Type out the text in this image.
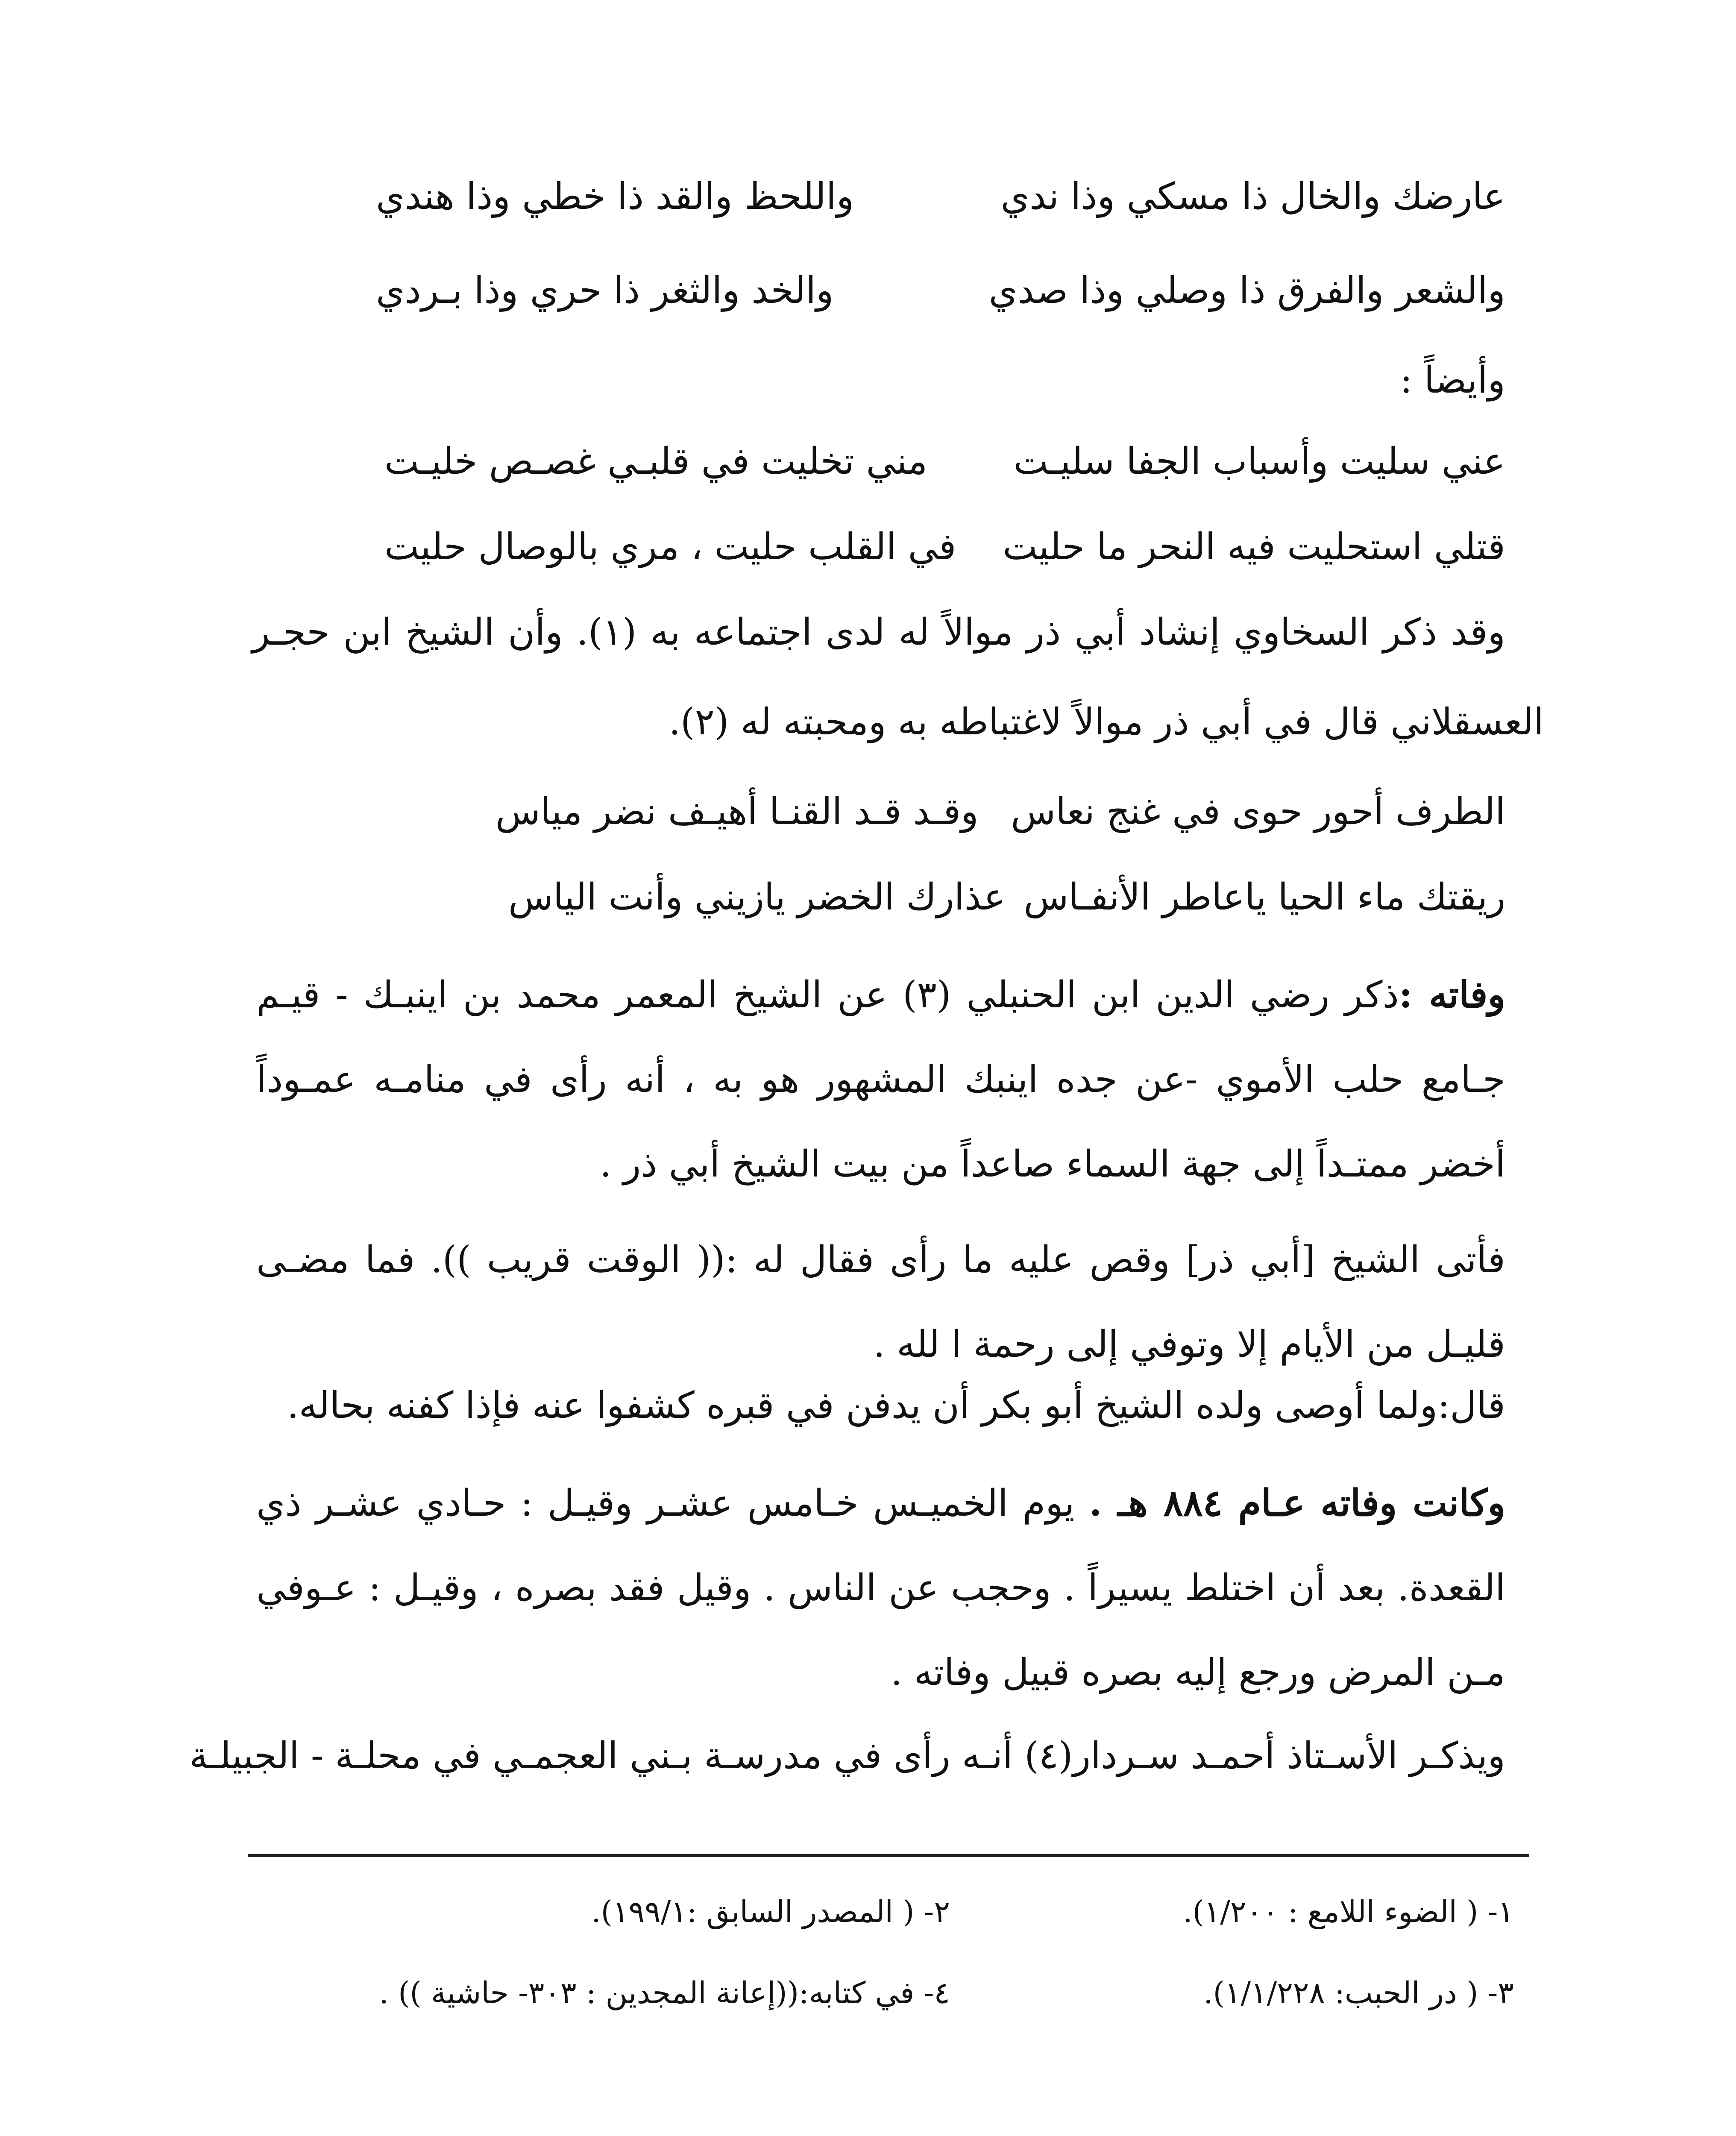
عارضك والخال ذا مسكي وذا ندي
واللحظ والقد ذا خطي وذا هندي
والشعر والفرق ذا وصلي وذا صدي
والخد والثغر ذا حري وذا بـردي
وأيضاً :
عني سليت وأسباب الجفا سليـت
مني تخليت في قلبـي غصـص خليـت
قتلي استحليت فيه النحر ما حليت
في القلب حليت ، مري بالوصال حليت
وقد ذكر السخاوي إنشاد أبي ذر موالاً له لدى اجتماعه به (١). وأن الشيخ ابن حجـر
العسقلاني قال في أبي ذر موالاً لاغتباطه به ومحبته له (٢).
الطرف أحور حوى في غنج نعاس
وقـد قـد القنـا أهيـف نضر مياس
ريقتك ماء الحيا ياعاطر الأنفـاس
عذارك الخضر يازيني وأنت الياس
وفاته :ذكر رضي الدين ابن الحنبلي (٣) عن الشيخ المعمر محمد بن اينبـك - قيـم جـامع حلب الأموي -عن جده اينبك المشهور هو به ، أنه رأى في منامـه عمـوداً أخضر ممتـداً إلى جهة السماء صاعداً من بيت الشيخ أبي ذر .
فأتى الشيخ [أبي ذر] وقص عليه ما رأى فقال له :(( الوقت قريب )). فما مضـى قليـل من الأيام إلا وتوفي إلى رحمة ا لله .
قال:ولما أوصى ولده الشيخ أبو بكر أن يدفن في قبره كشفوا عنه فإذا كفنه بحاله.
وكانت وفاته عـام ٨٨٤ هـ . يوم الخميـس خـامس عشـر وقيـل : حـادي عشـر ذي القعدة. بعد أن اختلط يسيراً . وحجب عن الناس . وقيل فقد بصره ، وقيـل : عـوفي مـن المرض ورجع إليه بصره قبيل وفاته .
ويذكـر الأسـتاذ أحمـد سـردار(٤) أنـه رأى في مدرسـة بـني العجمـي في محلـة - الجبيلـة
١- ( الضوء اللامع : ١/٢٠٠).
٢- ( المصدر السابق :١٩٩/١).
٣- ( در الحبب: ١/١/٢٢٨).
٤- في كتابه:((إعانة المجدين : ٣٠٣- حاشية )) .
